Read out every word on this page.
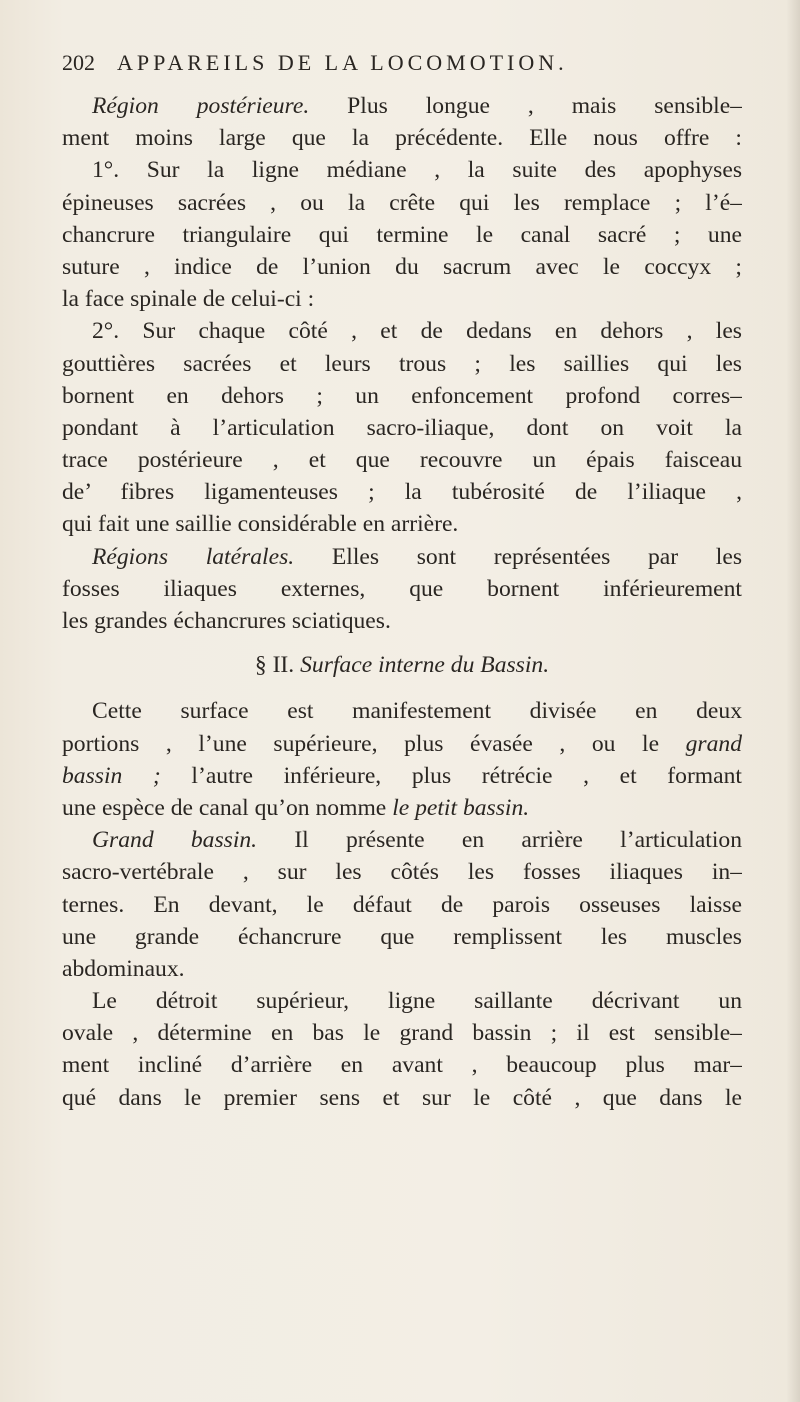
202 APPAREILS DE LA LOCOMOTION.
Région postérieure. Plus longue , mais sensible–
ment moins large que la précédente. Elle nous offre :
1°. Sur la ligne médiane , la suite des apophyses
épineuses sacrées , ou la crête qui les remplace ; l’é–
chancrure triangulaire qui termine le canal sacré ; une
suture , indice de l’union du sacrum avec le coccyx ;
la face spinale de celui-ci :
2°. Sur chaque côté , et de dedans en dehors , les
gouttières sacrées et leurs trous ; les saillies qui les
bornent en dehors ; un enfoncement profond corres–
pondant à l’articulation sacro-iliaque, dont on voit la
trace postérieure , et que recouvre un épais faisceau
de’ fibres ligamenteuses ; la tubérosité de l’iliaque ,
qui fait une saillie considérable en arrière.
Régions latérales. Elles sont représentées par les
fosses iliaques externes, que bornent inférieurement
les grandes échancrures sciatiques.
§ II. Surface interne du Bassin.
Cette surface est manifestement divisée en deux
portions , l’une supérieure, plus évasée , ou le grand
bassin ; l’autre inférieure, plus rétrécie , et formant
une espèce de canal qu’on nomme le petit bassin.
Grand bassin. Il présente en arrière l’articulation
sacro-vertébrale , sur les côtés les fosses iliaques in–
ternes. En devant, le défaut de parois osseuses laisse
une grande échancrure que remplissent les muscles
abdominaux.
Le détroit supérieur, ligne saillante décrivant un
ovale , détermine en bas le grand bassin ; il est sensible–
ment incliné d’arrière en avant , beaucoup plus mar–
qué dans le premier sens et sur le côté , que dans le
